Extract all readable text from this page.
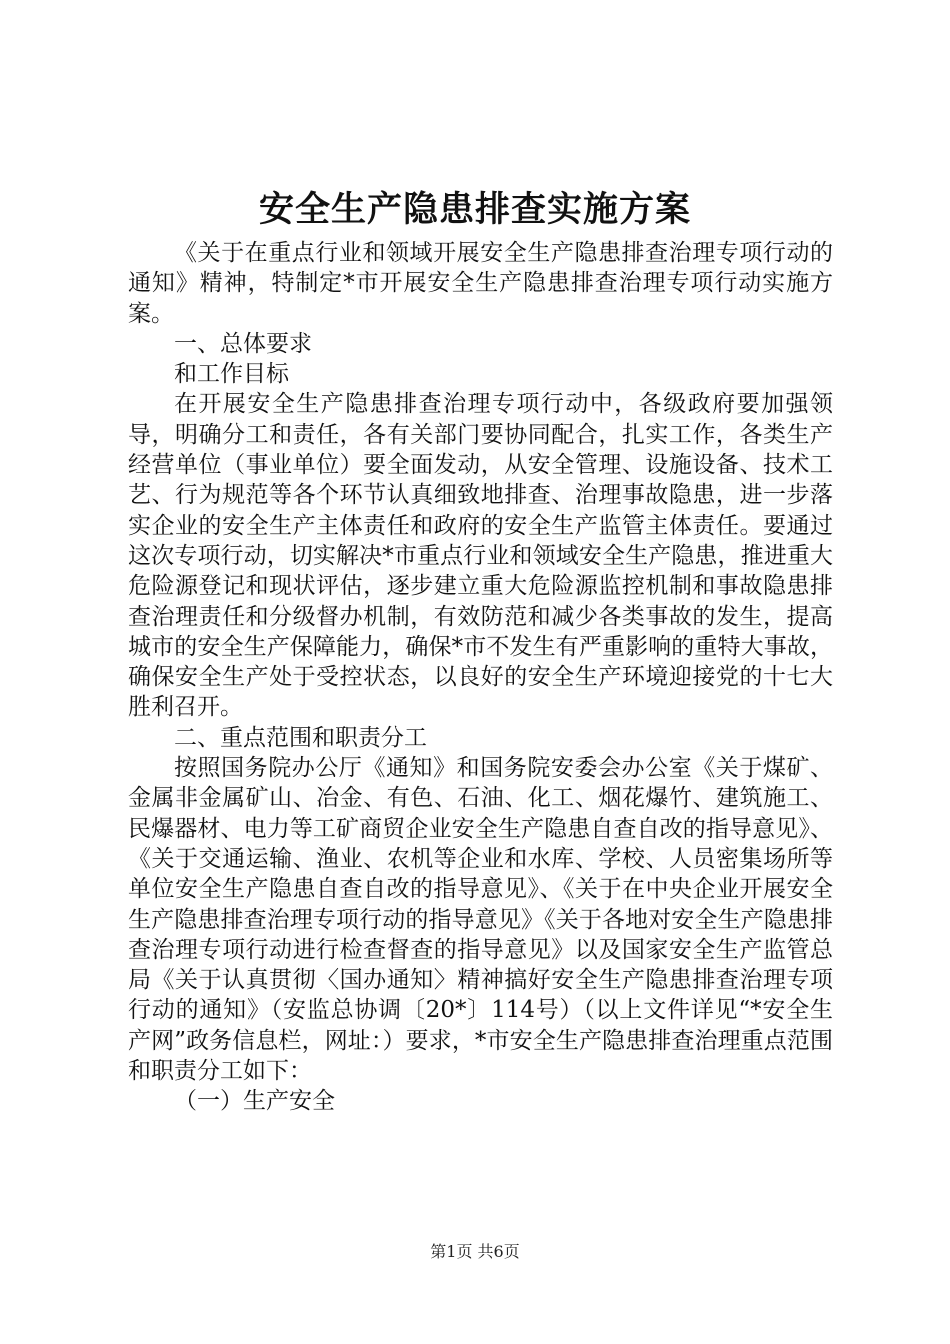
安全生产隐患排查实施方案

《关于在重点行业和领域开展安全生产隐患排查治理专项行动的通知》精神，特制定*市开展安全生产隐患排查治理专项行动实施方案。

一、总体要求

和工作目标

在开展安全生产隐患排查治理专项行动中，各级政府要加强领导，明确分工和责任，各有关部门要协同配合，扎实工作，各类生产经营单位（事业单位）要全面发动，从安全管理、设施设备、技术工艺、行为规范等各个环节认真细致地排查、治理事故隐患，进一步落实企业的安全生产主体责任和政府的安全生产监管主体责任。要通过这次专项行动，切实解决*市重点行业和领域安全生产隐患，推进重大危险源登记和现状评估，逐步建立重大危险源监控机制和事故隐患排查治理责任和分级督办机制，有效防范和减少各类事故的发生，提高城市的安全生产保障能力，确保*市不发生有严重影响的重特大事故，确保安全生产处于受控状态，以良好的安全生产环境迎接党的十七大胜利召开。

二、重点范围和职责分工

按照国务院办公厅《通知》和国务院安委会办公室《关于煤矿、金属非金属矿山、冶金、有色、石油、化工、烟花爆竹、建筑施工、民爆器材、电力等工矿商贸企业安全生产隐患自查自改的指导意见》、《关于交通运输、渔业、农机等企业和水库、学校、人员密集场所等单位安全生产隐患自查自改的指导意见》、《关于在中央企业开展安全生产隐患排查治理专项行动的指导意见》《关于各地对安全生产隐患排查治理专项行动进行检查督查的指导意见》以及国家安全生产监管总局《关于认真贯彻〈国办通知〉精神搞好安全生产隐患排查治理专项行动的通知》（安监总协调〔20*〕114号）（以上文件详见“*安全生产网”政务信息栏，网址：）要求，*市安全生产隐患排查治理重点范围和职责分工如下：

（一）生产安全

第1页 共6页
